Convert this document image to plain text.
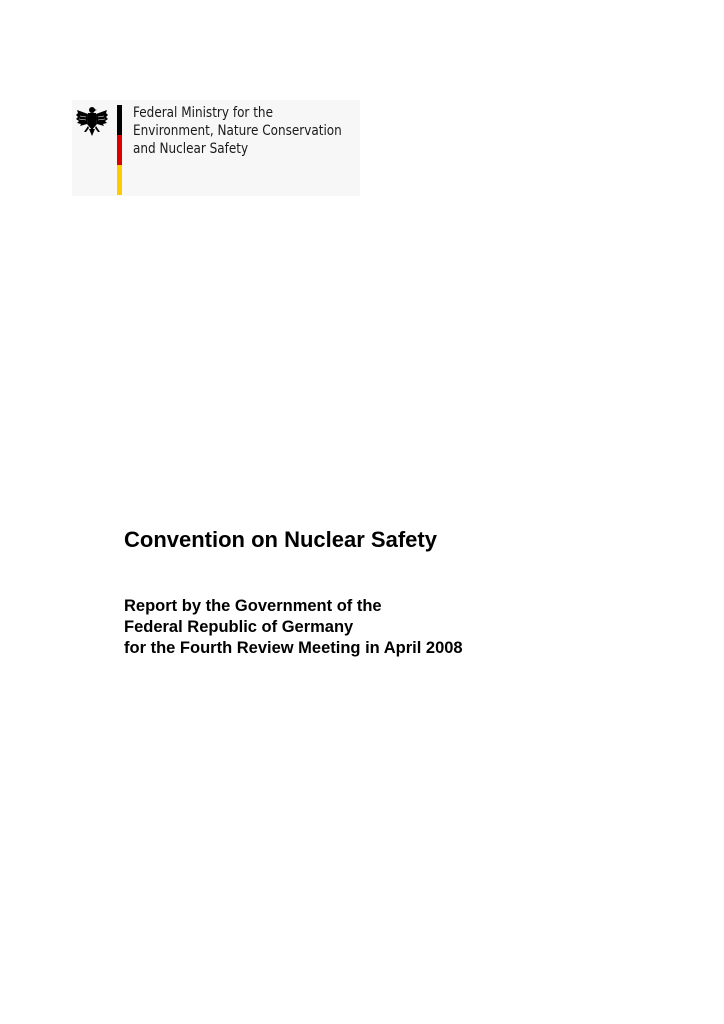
Federal Ministry for the
Environment, Nature Conservation
and Nuclear Safety
Convention on Nuclear Safety
Report by the Government of the
Federal Republic of Germany
for the Fourth Review Meeting in April 2008
